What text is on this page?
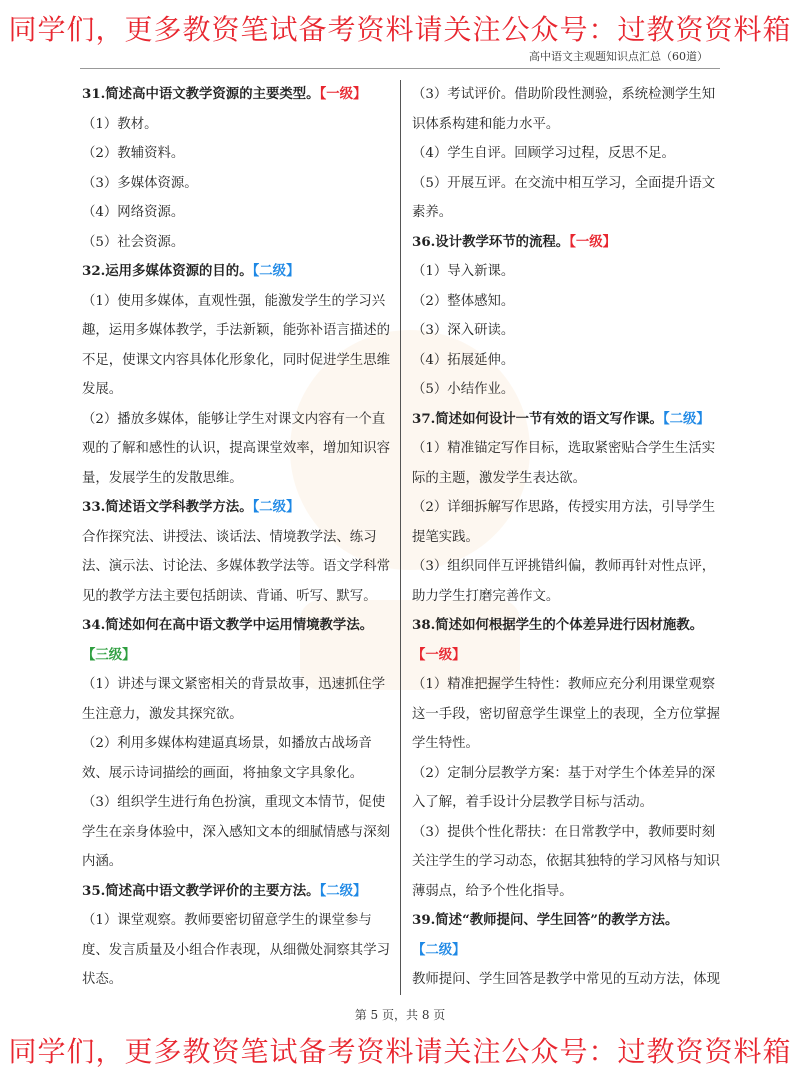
同学们，更多教资笔试备考资料请关注公众号：过教资资料箱
高中语文主观题知识点汇总（60道）

31.简述高中语文教学资源的主要类型。【一级】

（1）教材。

（2）教辅资料。

（3）多媒体资源。

（4）网络资源。

（5）社会资源。

32.运用多媒体资源的目的。【二级】

（1）使用多媒体，直观性强，能激发学生的学习兴趣，运用多媒体教学，手法新颖，能弥补语言描述的不足，使课文内容具体化形象化，同时促进学生思维发展。

（2）播放多媒体，能够让学生对课文内容有一个直观的了解和感性的认识，提高课堂效率，增加知识容量，发展学生的发散思维。

33.简述语文学科教学方法。【二级】

合作探究法、讲授法、谈话法、情境教学法、练习法、演示法、讨论法、多媒体教学法等。语文学科常见的教学方法主要包括朗读、背诵、听写、默写。

34.简述如何在高中语文教学中运用情境教学法。
【三级】

（1）讲述与课文紧密相关的背景故事，迅速抓住学生注意力，激发其探究欲。

（2）利用多媒体构建逼真场景，如播放古战场音效、展示诗词描绘的画面，将抽象文字具象化。

（3）组织学生进行角色扮演，重现文本情节，促使学生在亲身体验中，深入感知文本的细腻情感与深刻内涵。

35.简述高中语文教学评价的主要方法。【二级】

（1）课堂观察。教师要密切留意学生的课堂参与度、发言质量及小组合作表现，从细微处洞察其学习状态。

（3）考试评价。借助阶段性测验，系统检测学生知识体系构建和能力水平。

（4）学生自评。回顾学习过程，反思不足。

（5）开展互评。在交流中相互学习，全面提升语文素养。

36.设计教学环节的流程。【一级】

（1）导入新课。

（2）整体感知。

（3）深入研读。

（4）拓展延伸。

（5）小结作业。

37.简述如何设计一节有效的语文写作课。【二级】

（1）精准锚定写作目标，选取紧密贴合学生生活实际的主题，激发学生表达欲。

（2）详细拆解写作思路，传授实用方法，引导学生提笔实践。

（3）组织同伴互评挑错纠偏，教师再针对性点评，助力学生打磨完善作文。

38.简述如何根据学生的个体差异进行因材施教。
【一级】

（1）精准把握学生特性：教师应充分利用课堂观察这一手段，密切留意学生课堂上的表现，全方位掌握学生特性。

（2）定制分层教学方案：基于对学生个体差异的深入了解，着手设计分层教学目标与活动。

（3）提供个性化帮扶：在日常教学中，教师要时刻关注学生的学习动态，依据其独特的学习风格与知识薄弱点，给予个性化指导。

39.简述“教师提问、学生回答”的教学方法。
【二级】

教师提问、学生回答是教学中常见的互动方法，体现

第 5 页，共 8 页
同学们，更多教资笔试备考资料请关注公众号：过教资资料箱
